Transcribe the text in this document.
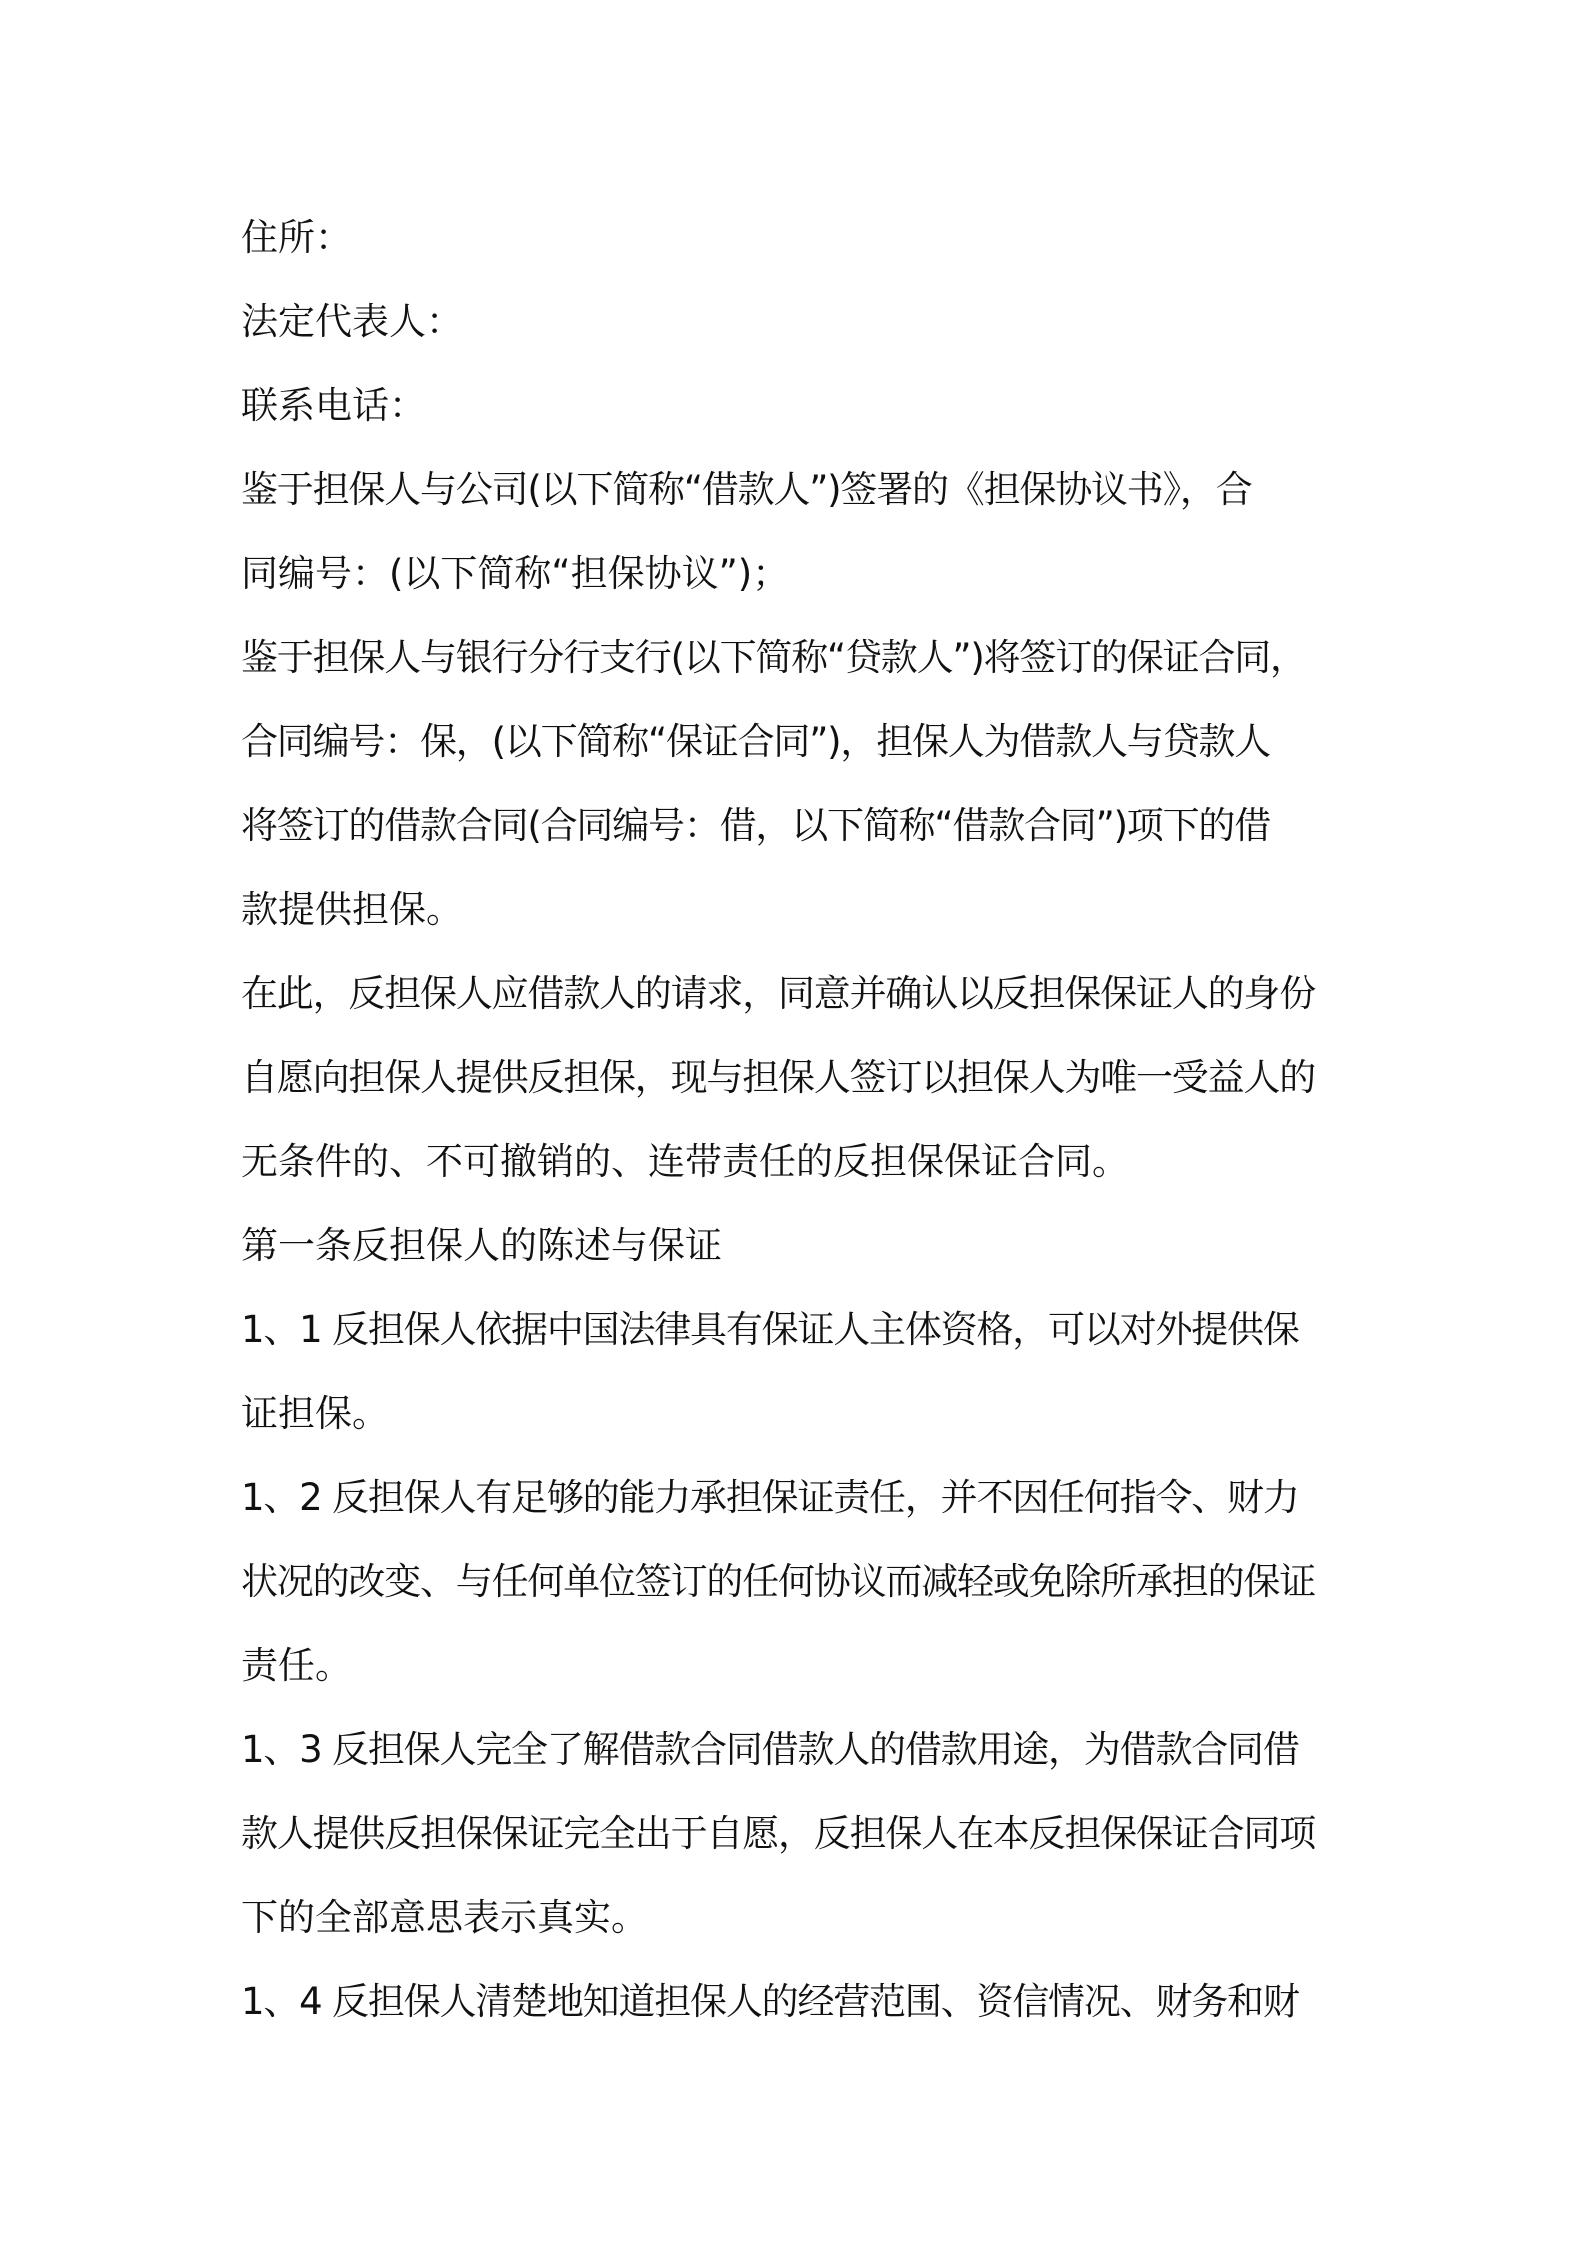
住所：
法定代表人：
联系电话：
鉴于担保人与公司(以下简称“借款人”)签署的《担保协议书》，合
同编号：(以下简称“担保协议”)；
鉴于担保人与银行分行支行(以下简称“贷款人”)将签订的保证合同，
合同编号：保，(以下简称“保证合同”)，担保人为借款人与贷款人
将签订的借款合同(合同编号：借，以下简称“借款合同”)项下的借
款提供担保。
在此，反担保人应借款人的请求，同意并确认以反担保保证人的身份
自愿向担保人提供反担保，现与担保人签订以担保人为唯一受益人的
无条件的、不可撤销的、连带责任的反担保保证合同。
第一条反担保人的陈述与保证
1、1 反担保人依据中国法律具有保证人主体资格，可以对外提供保
证担保。
1、2 反担保人有足够的能力承担保证责任，并不因任何指令、财力
状况的改变、与任何单位签订的任何协议而减轻或免除所承担的保证
责任。
1、3 反担保人完全了解借款合同借款人的借款用途，为借款合同借
款人提供反担保保证完全出于自愿，反担保人在本反担保保证合同项
下的全部意思表示真实。
1、4 反担保人清楚地知道担保人的经营范围、资信情况、财务和财
